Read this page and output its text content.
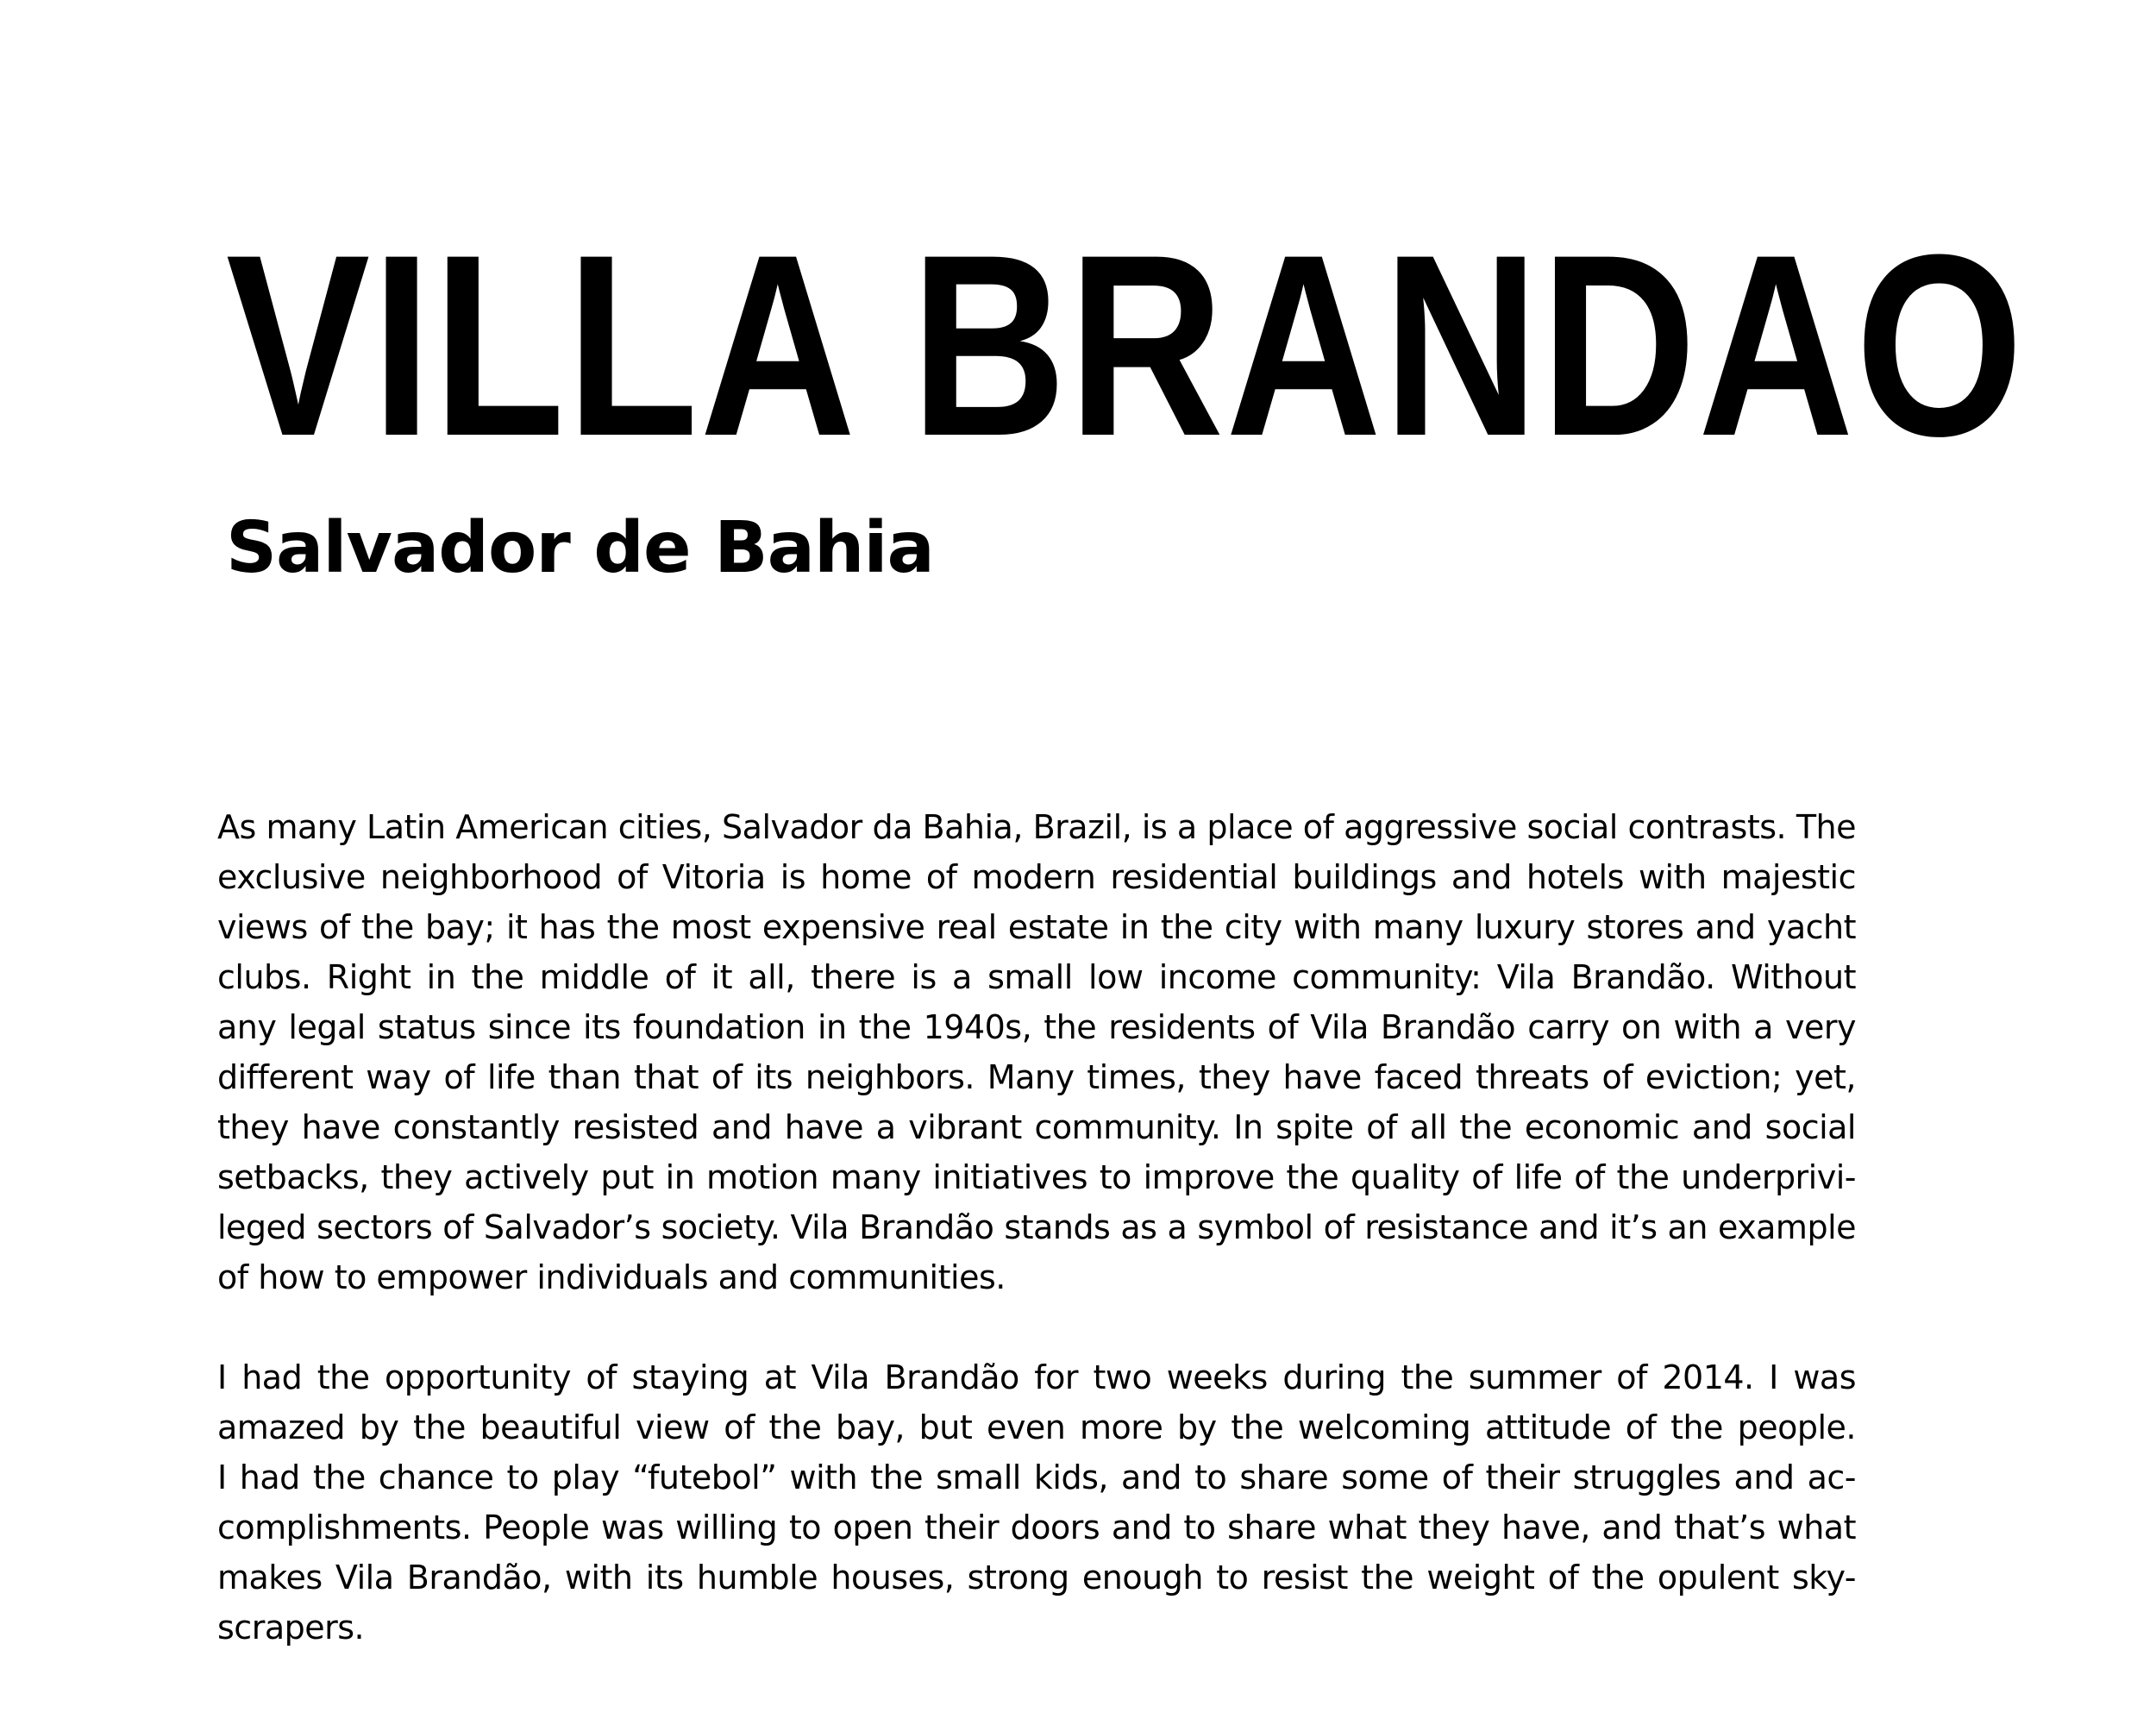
VILLA BRANDAO
Salvador de Bahia

As many Latin American cities, Salvador da Bahia, Brazil, is a place of aggressive social contrasts. The
exclusive neighborhood of Vitoria is home of modern residential buildings and hotels with majestic
views of the bay; it has the most expensive real estate in the city with many luxury stores and yacht
clubs. Right in the middle of it all, there is a small low income community: Vila Brandão. Without
any legal status since its foundation in the 1940s, the residents of Vila Brandão carry on with a very
different way of life than that of its neighbors. Many times, they have faced threats of eviction; yet,
they have constantly resisted and have a vibrant community. In spite of all the economic and social
setbacks, they actively put in motion many initiatives to improve the quality of life of the underprivi-
leged sectors of Salvador’s society. Vila Brandão stands as a symbol of resistance and it’s an example
of how to empower individuals and communities.

I had the opportunity of staying at Vila Brandão for two weeks during the summer of 2014. I was
amazed by the beautiful view of the bay, but even more by the welcoming attitude of the people.
I had the chance to play “futebol” with the small kids, and to share some of their struggles and ac-
complishments. People was willing to open their doors and to share what they have, and that’s what
makes Vila Brandão, with its humble houses, strong enough to resist the weight of the opulent sky-
scrapers.
